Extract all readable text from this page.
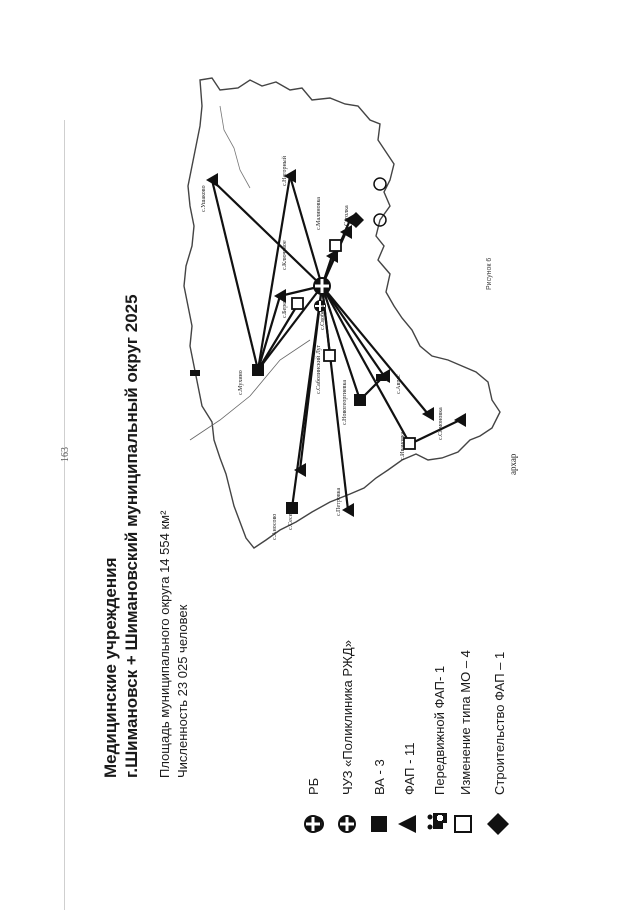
163
Медицинские учреждения г.Шимановск + Шимановский муниципальный округ 2025 Площадь муниципального округа 14 554 км² Численность 23 025 человек
РБ ЧУЗ «Поликлиника РЖД» ВА - 3 ФАП - 11 Передвижной ФАП- 1 Изменение типа МО – 4 Строительство ФАП – 1
с.Ушаково
с.Нагорный
с.Малиновка	с.Сеголка
с.Ключевое
с.Мухино
с.Берег
с.Саболинский Луг
с.Новогеоргиевка	с.Аврас
с.Свобода
с.Ивановка
с.Симоновка
с.Петровка
с.Аносово с.Сесеп
Рисунок 6
архар
